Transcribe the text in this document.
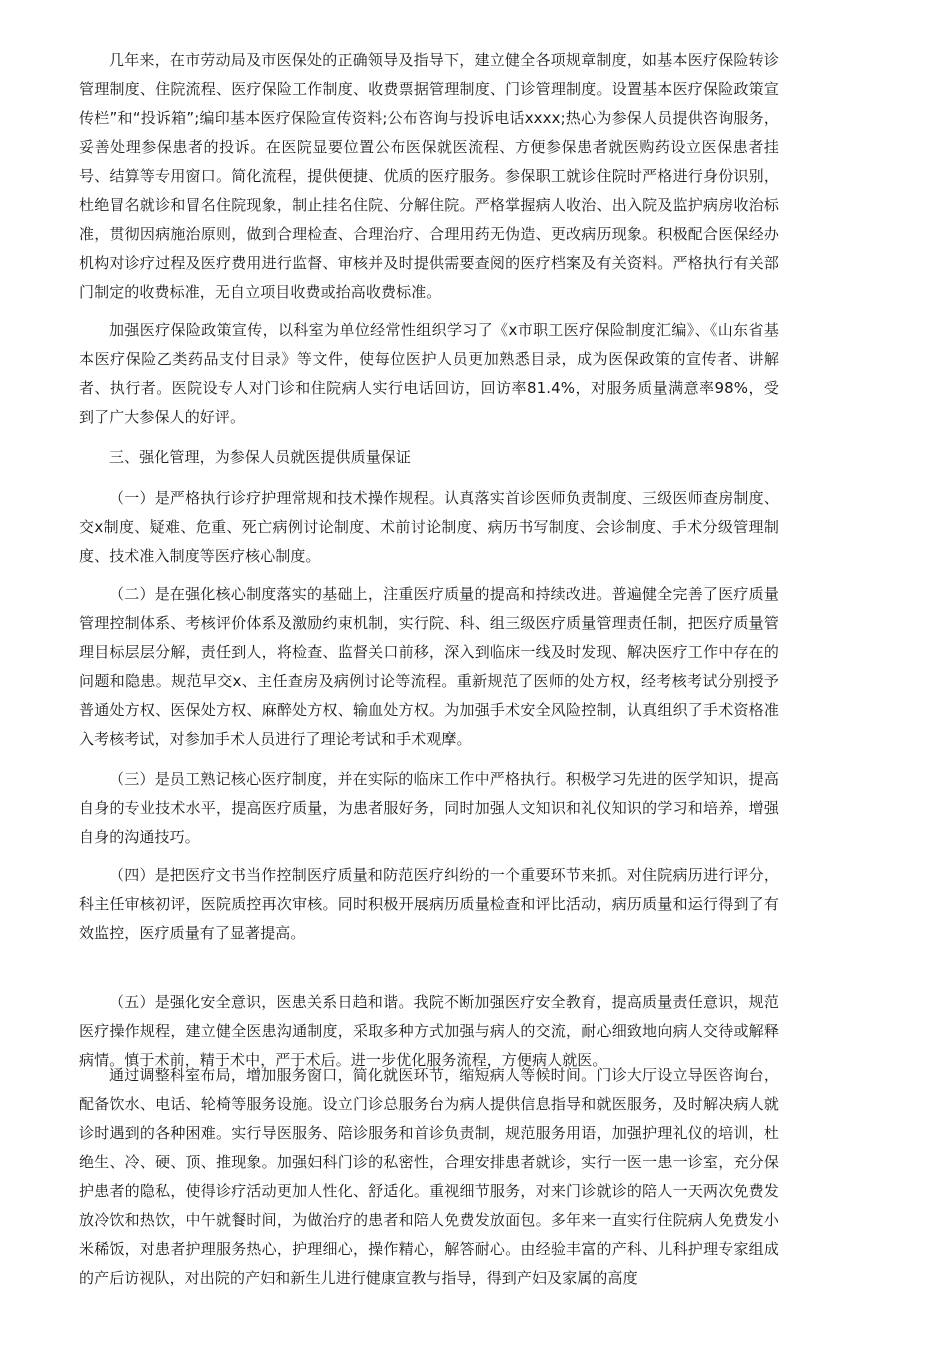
几年来，在市劳动局及市医保处的正确领导及指导下，建立健全各项规章制度，如基本医疗保险转诊管理制度、住院流程、医疗保险工作制度、收费票据管理制度、门诊管理制度。设置基本医疗保险政策宣传栏”和“投诉箱”;编印基本医疗保险宣传资料;公布咨询与投诉电话xxxx;热心为参保人员提供咨询服务，妥善处理参保患者的投诉。在医院显要位置公布医保就医流程、方便参保患者就医购药设立医保患者挂号、结算等专用窗口。简化流程，提供便捷、优质的医疗服务。参保职工就诊住院时严格进行身份识别，杜绝冒名就诊和冒名住院现象，制止挂名住院、分解住院。严格掌握病人收治、出入院及监护病房收治标准，贯彻因病施治原则，做到合理检查、合理治疗、合理用药无伪造、更改病历现象。积极配合医保经办机构对诊疗过程及医疗费用进行监督、审核并及时提供需要查阅的医疗档案及有关资料。严格执行有关部门制定的收费标准，无自立项目收费或抬高收费标准。

加强医疗保险政策宣传，以科室为单位经常性组织学习了《x市职工医疗保险制度汇编》、《山东省基本医疗保险乙类药品支付目录》等文件，使每位医护人员更加熟悉目录，成为医保政策的宣传者、讲解者、执行者。医院设专人对门诊和住院病人实行电话回访，回访率81.4%，对服务质量满意率98%，受到了广大参保人的好评。

三、强化管理，为参保人员就医提供质量保证

（一）是严格执行诊疗护理常规和技术操作规程。认真落实首诊医师负责制度、三级医师查房制度、交x制度、疑难、危重、死亡病例讨论制度、术前讨论制度、病历书写制度、会诊制度、手术分级管理制度、技术准入制度等医疗核心制度。

（二）是在强化核心制度落实的基础上，注重医疗质量的提高和持续改进。普遍健全完善了医疗质量管理控制体系、考核评价体系及激励约束机制，实行院、科、组三级医疗质量管理责任制，把医疗质量管理目标层层分解，责任到人，将检查、监督关口前移，深入到临床一线及时发现、解决医疗工作中存在的问题和隐患。规范早交x、主任查房及病例讨论等流程。重新规范了医师的处方权，经考核考试分别授予普通处方权、医保处方权、麻醉处方权、输血处方权。为加强手术安全风险控制，认真组织了手术资格准入考核考试，对参加手术人员进行了理论考试和手术观摩。

（三）是员工熟记核心医疗制度，并在实际的临床工作中严格执行。积极学习先进的医学知识，提高自身的专业技术水平，提高医疗质量，为患者服好务，同时加强人文知识和礼仪知识的学习和培养，增强自身的沟通技巧。

（四）是把医疗文书当作控制医疗质量和防范医疗纠纷的一个重要环节来抓。对住院病历进行评分，科主任审核初评，医院质控再次审核。同时积极开展病历质量检查和评比活动，病历质量和运行得到了有效监控，医疗质量有了显著提高。

（五）是强化安全意识，医患关系日趋和谐。我院不断加强医疗安全教育，提高质量责任意识，规范医疗操作规程，建立健全医患沟通制度，采取多种方式加强与病人的交流，耐心细致地向病人交待或解释病情。慎于术前，精于术中，严于术后。进一步优化服务流程，方便病人就医。

通过调整科室布局，增加服务窗口，简化就医环节，缩短病人等候时间。门诊大厅设立导医咨询台，配备饮水、电话、轮椅等服务设施。设立门诊总服务台为病人提供信息指导和就医服务，及时解决病人就诊时遇到的各种困难。实行导医服务、陪诊服务和首诊负责制，规范服务用语，加强护理礼仪的培训，杜绝生、冷、硬、顶、推现象。加强妇科门诊的私密性，合理安排患者就诊，实行一医一患一诊室，充分保护患者的隐私，使得诊疗活动更加人性化、舒适化。重视细节服务，对来门诊就诊的陪人一天两次免费发放冷饮和热饮，中午就餐时间，为做治疗的患者和陪人免费发放面包。多年来一直实行住院病人免费发小米稀饭，对患者护理服务热心，护理细心，操作精心，解答耐心。由经验丰富的产科、儿科护理专家组成的产后访视队，对出院的产妇和新生儿进行健康宣教与指导，得到产妇及家属的高度
